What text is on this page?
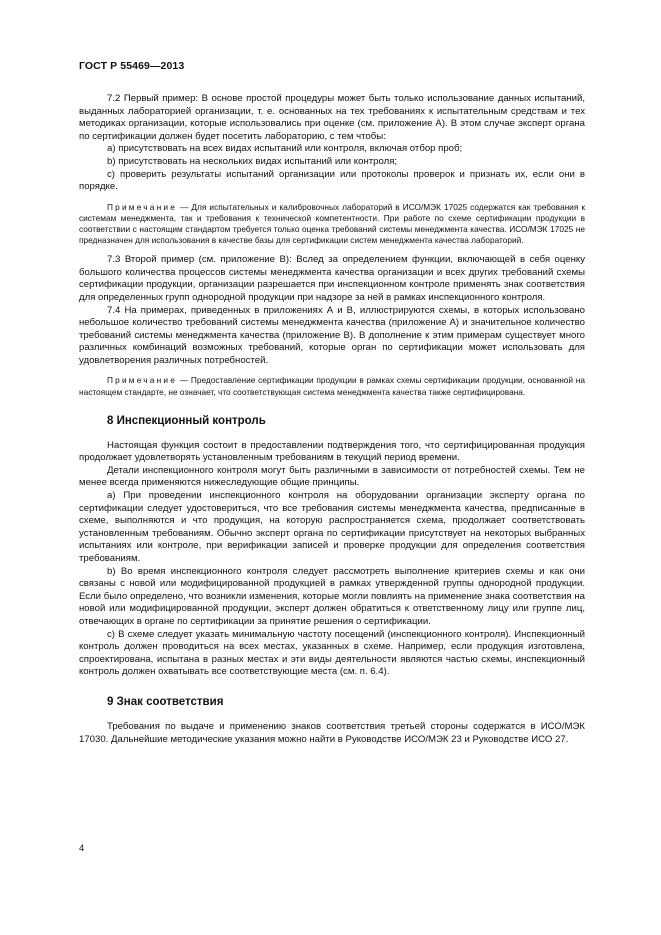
ГОСТ Р 55469—2013

7.2 Первый пример: В основе простой процедуры может быть только использование данных испытаний, выданных лабораторией организации, т. е. основанных на тех требованиях к испытательным средствам и тех методиках организации, которые использовались при оценке (см. приложение А). В этом случае эксперт органа по сертификации должен будет посетить лабораторию, с тем чтобы:

а) присутствовать на всех видах испытаний или контроля, включая отбор проб;

b) присутствовать на нескольких видах испытаний или контроля;

с) проверить результаты испытаний организации или протоколы проверок и признать их, если они в порядке.

Примечание — Для испытательных и калибровочных лабораторий в ИСО/МЭК 17025 содержатся как требования к системам менеджмента, так и требования к технической компетентности. При работе по схеме сертификации продукции в соответствии с настоящим стандартом требуется только оценка требований системы менеджмента качества. ИСО/МЭК 17025 не предназначен для использования в качестве базы для сертификации систем менеджмента качества лабораторий.

7.3 Второй пример (см. приложение В): Вслед за определением функции, включающей в себя оценку большого количества процессов системы менеджмента качества организации и всех других требований схемы сертификации продукции, организации разрешается при инспекционном контроле применять знак соответствия для определенных групп однородной продукции при надзоре за ней в рамках инспекционного контроля.

7.4 На примерах, приведенных в приложениях А и В, иллюстрируются схемы, в которых использовано небольшое количество требований системы менеджмента качества (приложение А) и значительное количество требований системы менеджмента качества (приложение В). В дополнение к этим примерам существует много различных комбинаций возможных требований, которые орган по сертификации может использовать для удовлетворения различных потребностей.

Примечание — Предоставление сертификации продукции в рамках схемы сертификации продукции, основанной на настоящем стандарте, не означает, что соответствующая система менеджмента качества также сертифицирована.

8 Инспекционный контроль

Настоящая функция состоит в предоставлении подтверждения того, что сертифицированная продукция продолжает удовлетворять установленным требованиям в текущий период времени.

Детали инспекционного контроля могут быть различными в зависимости от потребностей схемы. Тем не менее всегда применяются нижеследующие общие принципы.

а) При проведении инспекционного контроля на оборудовании организации эксперту органа по сертификации следует удостовериться, что все требования системы менеджмента качества, предписанные в схеме, выполняются и что продукция, на которую распространяется схема, продолжает соответствовать установленным требованиям. Обычно эксперт органа по сертификации присутствует на некоторых выбранных испытаниях или контроле, при верификации записей и проверке продукции для определения соответствия требованиям.

b) Во время инспекционного контроля следует рассмотреть выполнение критериев схемы и как они связаны с новой или модифицированной продукцией в рамках утвержденной группы однородной продукции. Если было определено, что возникли изменения, которые могли повлиять на применение знака соответствия на новой или модифицированной продукции, эксперт должен обратиться к ответственному лицу или группе лиц, отвечающих в органе по сертификации за принятие решения о сертификации.

с) В схеме следует указать минимальную частоту посещений (инспекционного контроля). Инспекционный контроль должен проводиться на всех местах, указанных в схеме. Например, если продукция изготовлена, спроектирована, испытана в разных местах и эти виды деятельности являются частью схемы, инспекционный контроль должен охватывать все соответствующие места (см. п. 6.4).

9 Знак соответствия

Требования по выдаче и применению знаков соответствия третьей стороны содержатся в ИСО/МЭК 17030. Дальнейшие методические указания можно найти в Руководстве ИСО/МЭК 23 и Руководстве ИСО 27.

4
